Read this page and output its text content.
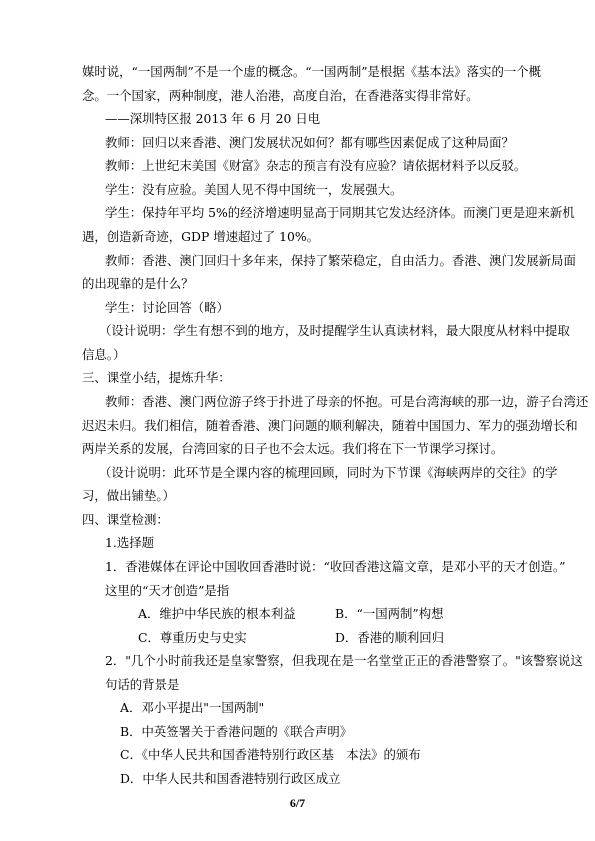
媒时说，“一国两制”不是一个虚的概念。“一国两制”是根据《基本法》落实的一个概
念。一个国家，两种制度，港人治港，高度自治，在香港落实得非常好。
——深圳特区报 2013 年 6 月 20 日电
教师：回归以来香港、澳门发展状况如何？都有哪些因素促成了这种局面？
教师：上世纪末美国《财富》杂志的预言有没有应验？请依据材料予以反驳。
学生：没有应验。美国人见不得中国统一，发展强大。
学生：保持年平均 5%的经济增速明显高于同期其它发达经济体。而澳门更是迎来新机
遇，创造新奇迹，GDP 增速超过了 10%。
教师：香港、澳门回归十多年来，保持了繁荣稳定，自由活力。香港、澳门发展新局面
的出现靠的是什么？
学生：讨论回答（略）
（设计说明：学生有想不到的地方，及时提醒学生认真读材料，最大限度从材料中提取
信息。）
三、课堂小结，提炼升华：
教师：香港、澳门两位游子终于扑进了母亲的怀抱。可是台湾海峡的那一边，游子台湾还
迟迟未归。我们相信，随着香港、澳门问题的顺利解决，随着中国国力、军力的强劲增长和
两岸关系的发展，台湾回家的日子也不会太远。我们将在下一节课学习探讨。
（设计说明：此环节是全课内容的梳理回顾，同时为下节课《海峡两岸的交往》的学
习，做出铺垫。）
四、课堂检测：
1.选择题
1．香港媒体在评论中国收回香港时说：“收回香港这篇文章，是邓小平的天才创造。”
这里的“天才创造”是指
A．维护中华民族的根本利益	B．“一国两制”构想
C．尊重历史与史实	D．香港的顺利回归
2．"几个小时前我还是皇家警察，但我现在是一名堂堂正正的香港警察了。"该警察说这
句话的背景是
A．邓小平提出"一国两制"
B．中英签署关于香港问题的《联合声明》
C．《中华人民共和国香港特别行政区基　本法》的颁布
D．中华人民共和国香港特别行政区成立
6/7
